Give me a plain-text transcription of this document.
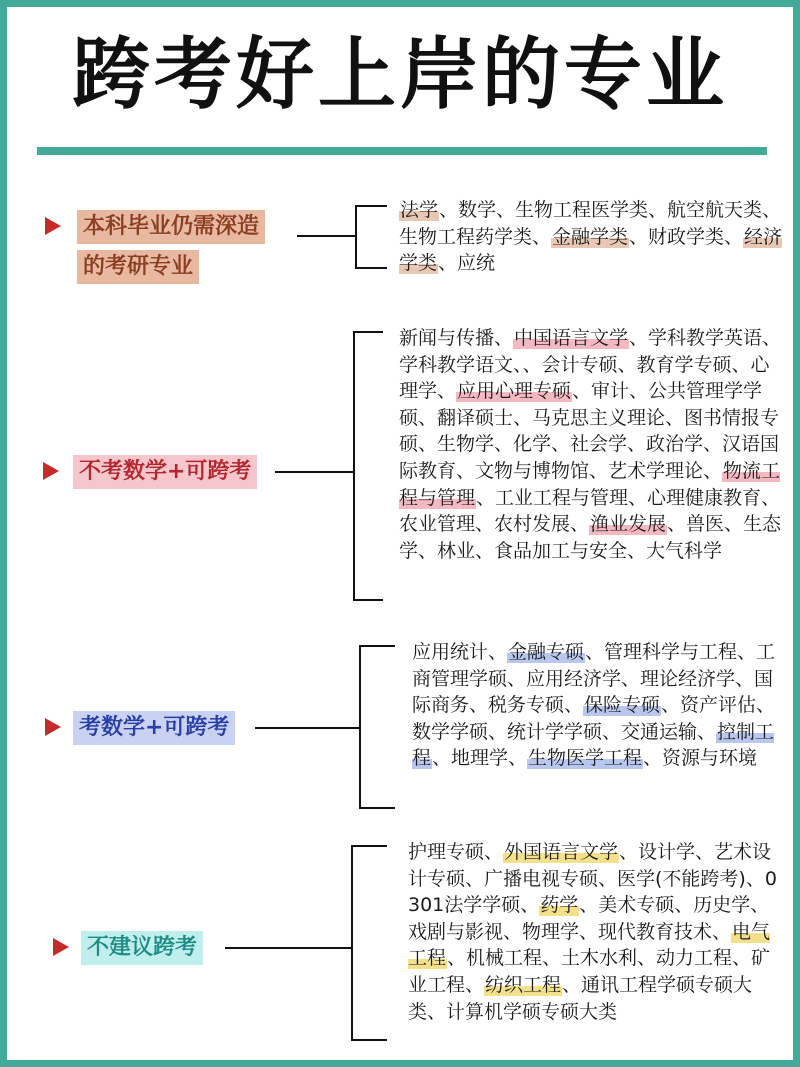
跨考好上岸的专业
本科毕业仍需深造
的考研专业
法学、数学、生物工程医学类、航空航天类、生物工程药学类、金融学类、财政学类、经济学类、应统
不考数学+可跨考
新闻与传播、中国语言文学、学科教学英语、学科教学语文、、会计专硕、教育学专硕、心理学、应用心理专硕、审计、公共管理学学硕、翻译硕士、马克思主义理论、图书情报专硕、生物学、化学、社会学、政治学、汉语国际教育、文物与博物馆、艺术学理论、物流工程与管理、工业工程与管理、心理健康教育、农业管理、农村发展、渔业发展、兽医、生态学、林业、食品加工与安全、大气科学
考数学+可跨考
应用统计、金融专硕、管理科学与工程、工商管理学硕、应用经济学、理论经济学、国际商务、税务专硕、保险专硕、资产评估、数学学硕、统计学学硕、交通运输、控制工程、地理学、生物医学工程、资源与环境
不建议跨考
护理专硕、外国语言文学、设计学、艺术设计专硕、广播电视专硕、医学(不能跨考)、0301法学学硕、药学、美术专硕、历史学、戏剧与影视、物理学、现代教育技术、电气工程、机械工程、土木水利、动力工程、矿业工程、纺织工程、通讯工程学硕专硕大类、计算机学硕专硕大类
